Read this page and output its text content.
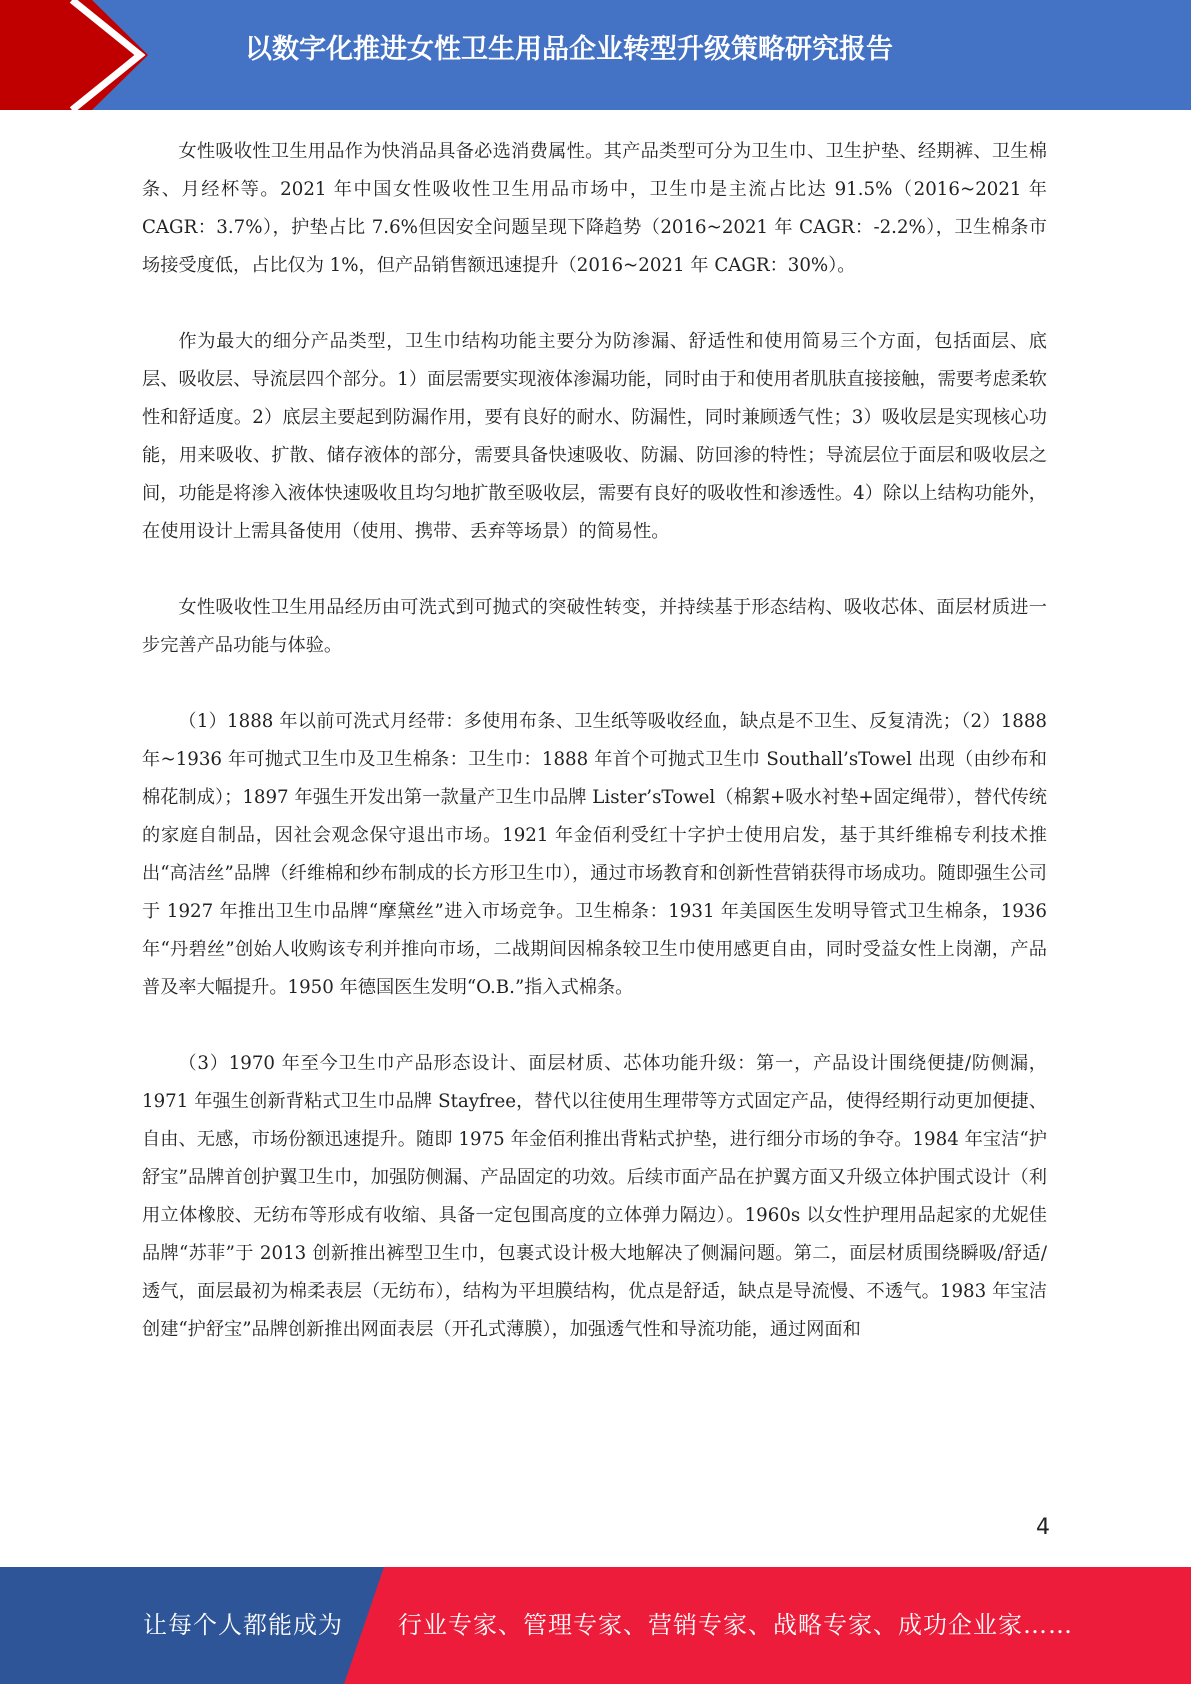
以数字化推进女性卫生用品企业转型升级策略研究报告

女性吸收性卫生用品作为快消品具备必选消费属性。其产品类型可分为卫生巾、卫生护垫、经期裤、卫生棉条、月经杯等。2021 年中国女性吸收性卫生用品市场中，卫生巾是主流占比达 91.5%（2016~2021 年 CAGR：3.7%），护垫占比 7.6%但因安全问题呈现下降趋势（2016~2021 年 CAGR：-2.2%），卫生棉条市场接受度低，占比仅为 1%，但产品销售额迅速提升（2016~2021 年 CAGR：30%）。

作为最大的细分产品类型，卫生巾结构功能主要分为防渗漏、舒适性和使用简易三个方面，包括面层、底层、吸收层、导流层四个部分。1）面层需要实现液体渗漏功能，同时由于和使用者肌肤直接接触，需要考虑柔软性和舒适度。2）底层主要起到防漏作用，要有良好的耐水、防漏性，同时兼顾透气性；3）吸收层是实现核心功能，用来吸收、扩散、储存液体的部分，需要具备快速吸收、防漏、防回渗的特性；导流层位于面层和吸收层之间，功能是将渗入液体快速吸收且均匀地扩散至吸收层，需要有良好的吸收性和渗透性。4）除以上结构功能外，在使用设计上需具备使用（使用、携带、丢弃等场景）的简易性。

女性吸收性卫生用品经历由可洗式到可抛式的突破性转变，并持续基于形态结构、吸收芯体、面层材质进一步完善产品功能与体验。

（1）1888 年以前可洗式月经带：多使用布条、卫生纸等吸收经血，缺点是不卫生、反复清洗；（2）1888 年~1936 年可抛式卫生巾及卫生棉条：卫生巾：1888 年首个可抛式卫生巾 Southall’sTowel 出现（由纱布和棉花制成）；1897 年强生开发出第一款量产卫生巾品牌 Lister’sTowel（棉絮+吸水衬垫+固定绳带），替代传统的家庭自制品，因社会观念保守退出市场。1921 年金佰利受红十字护士使用启发，基于其纤维棉专利技术推出“高洁丝”品牌（纤维棉和纱布制成的长方形卫生巾），通过市场教育和创新性营销获得市场成功。随即强生公司于 1927 年推出卫生巾品牌“摩黛丝”进入市场竞争。卫生棉条：1931 年美国医生发明导管式卫生棉条，1936 年“丹碧丝”创始人收购该专利并推向市场，二战期间因棉条较卫生巾使用感更自由，同时受益女性上岗潮，产品普及率大幅提升。1950 年德国医生发明“O.B.”指入式棉条。

（3）1970 年至今卫生巾产品形态设计、面层材质、芯体功能升级：第一，产品设计围绕便捷/防侧漏，1971 年强生创新背粘式卫生巾品牌 Stayfree，替代以往使用生理带等方式固定产品，使得经期行动更加便捷、自由、无感，市场份额迅速提升。随即 1975 年金佰利推出背粘式护垫，进行细分市场的争夺。1984 年宝洁“护舒宝”品牌首创护翼卫生巾，加强防侧漏、产品固定的功效。后续市面产品在护翼方面又升级立体护围式设计（利用立体橡胶、无纺布等形成有收缩、具备一定包围高度的立体弹力隔边）。1960s 以女性护理用品起家的尤妮佳品牌“苏菲”于 2013 创新推出裤型卫生巾，包裹式设计极大地解决了侧漏问题。第二，面层材质围绕瞬吸/舒适/透气，面层最初为棉柔表层（无纺布），结构为平坦膜结构，优点是舒适，缺点是导流慢、不透气。1983 年宝洁创建“护舒宝”品牌创新推出网面表层（开孔式薄膜），加强透气性和导流功能，通过网面和

4
让每个人都能成为 行业专家、管理专家、营销专家、战略专家、成功企业家……
